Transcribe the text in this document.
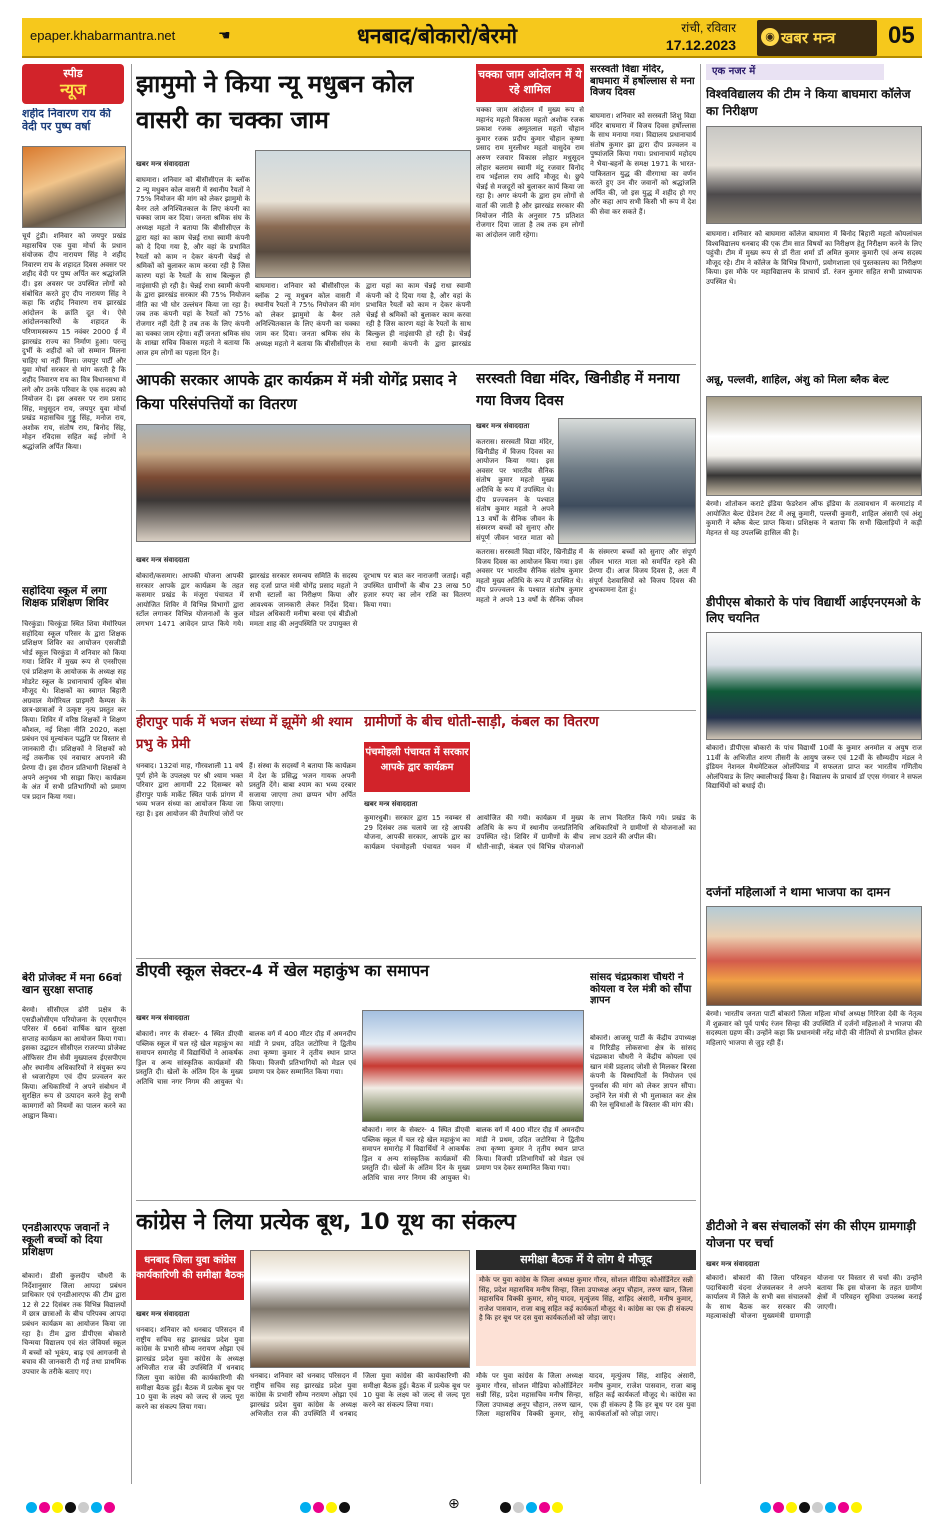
epaper.khabarmantra.net	☚	धनबाद/बोकारो/बेरमो	रांची, रविवार
17.12.2023
◉ खबर मन्त्र	05
स्पीड
न्यूज
शहीद निवारण राय की वेदी पर पुष्प वर्षा
चूर्य टुंडी। शनिवार को जयपुर प्रखंड महासचिव एक युवा मोर्चा के प्रधान संयोजक दीप नारायण सिंह ने शहीद निवारण राय के शहादत दिवस अवसर पर शहीद वेदी पर पुष्प अर्पित कर श्रद्धांजलि दी। इस अवसर पर उपस्थित लोगों को संबोधित करते हुए दीप नारायण सिंह ने कहा कि शहीद निवारण राय झारखंड आंदोलन के क्रांति दूत थे। ऐसे आंदोलनकारियों के शहादत के परिणामस्वरूप 15 नवंबर 2000 ई में झारखंड राज्य का निर्माण हुआ। परन्तु दुर्भी के शहीदों को जो सम्मान मिलना चाहिए था नहीं मिला। जयपुर पार्टी और युवा मोर्चा सरकार से मांग करती है कि शहीद निवारण राय का वित्र विधानसभा में लगे और उनके परिवार के एक सदस्य को नियोजन दें। इस अवसर पर राम प्रसाद सिंह, मधुसूदन राय, जयपुर युवा मोर्चा प्रखंड महासचिव गुड्डू सिंह, मनोज राय, अशोक राय, संतोष राय, बिनोद सिंह, मोहन रविदास सहित कई लोगों ने श्रद्धांजलि अर्पित किया।
सहोदिया स्कूल में लगा शिक्षक प्रशिक्षण शिविर
चिरकुंडा। चिरकुंडा स्थित शिवा मेमोरियल सहोदिया स्कूल परिसर के द्वारा शिक्षक प्रशिक्षण शिविर का आयोजन एसजीडी भोर्ड स्कूल चिरकुंडा में शनिवार को किया गया। शिविर में मुख्य रूप से एनसीएस एवं प्रशिक्षण के आयोजक के अध्यक्ष सह मोडरेट स्कूल के प्रधानाचार्य जुबिन बोस मौजूद थे। शिक्षकों का स्वागत बिहारी अग्रवाल मेमोरियल प्राइमरी कैम्पस के छात्र-छात्राओं ने उत्कृष्ट नृत्य प्रस्तुत कर किया। शिविर में वरिष्ठ शिक्षकों ने शिक्षण कौशल, नई शिक्षा नीति 2020, कक्षा प्रबंधन एवं मूल्यांकन पद्धति पर विस्तार से जानकारी दी। प्रशिक्षकों ने शिक्षकों को नई तकनीक एवं नवाचार अपनाने की प्रेरणा दी। इस दौरान प्रतिभागी शिक्षकों ने अपने अनुभव भी साझा किए। कार्यक्रम के अंत में सभी प्रतिभागियों को प्रमाण पत्र प्रदान किया गया।
बेरी प्रोजेक्ट में मना 66वां खान सुरक्षा सप्ताह
बेरमो। सीसीएल ढोरी प्रक्षेत्र के एसडीओसीएम परियोजना के एएसपीएन परिसर में 66वां वार्षिक खान सुरक्षा सप्ताह कार्यक्रम का आयोजन किया गया। इसका उद्घाटन सीसीएल राजरप्पा प्रोजेक्ट ऑफिसर टीम सेवी मुख्यालय ईएसपीएम और स्थानीय अधिकारियों ने संयुक्त रूप से ध्वजारोहण एवं दीप प्रज्वलन कर किया। अधिकारियों ने अपने संबोधन में सुरक्षित रूप से उत्पादन करने हेतु सभी कामगारों को नियमों का पालन करने का आह्वान किया।
एनडीआरएफ जवानों ने स्कूली बच्चों को दिया प्रशिक्षण
बोकारो। डीसी कुलदीप चौधरी के निर्देशानुसार जिला आपदा प्रबंधन प्राधिकार एवं एनडीआरएफ की टीम द्वारा 12 से 22 दिसंबर तक विभिन्न विद्यालयों में छात्र छात्राओं के बीच परिपक्व आपदा प्रबंधन कार्यक्रम का आयोजन किया जा रहा है। टीम द्वारा डीपीएस बोकारो चिन्मया विद्यालय एवं संत जेवियर्स स्कूल में बच्चों को भूकंप, बाढ़ एवं आगजनी से बचाव की जानकारी दी गई तथा प्राथमिक उपचार के तरीके बताए गए।
झामुमो ने किया न्यू मधुबन कोल वासरी का चक्का जाम
खबर मन्त्र संवाददाता
बाघमारा। शनिवार को बीसीसीएल के ब्लॉक 2 न्यू मधुबन कोल वासरी में स्थानीय रैयतों ने 75% नियोजन की मांग को लेकर झामुमो के बैनर तले अनिश्चितकाल के लिए कंपनी का चक्का जाम कर दिया। जनता श्रमिक संघ के अध्यक्ष महतो ने बताया कि बीसीसीएल के द्वारा यहां का काम चेन्नई राधा स्वामी कंपनी को दे दिया गया है, और वहां के प्रभावित रैयतों को काम न देकर कंपनी चेन्नई से श्रमिकों को बुलाकर काम करवा रही है जिस कारण यहां के रैयतों के साथ बिल्कुल ही नाइंसाफी हो रही है। चेन्नई राधा स्वामी कंपनी के द्वारा झारखंड सरकार की 75% नियोजन नीति का भी घोर उल्लंघन किया जा रहा है। जब तक कंपनी यहां के रैयतों को 75% रोजगार नहीं देती है तब तक के लिए कंपनी का चक्का जाम रहेगा। वहीं जनता श्रमिक संघ के शाखा सचिव विकास महतो ने बताया कि आज हम लोगों का पहला दिन है।
बाघमारा। शनिवार को बीसीसीएल के ब्लॉक 2 न्यू मधुबन कोल वासरी में स्थानीय रैयतों ने 75% नियोजन की मांग को लेकर झामुमो के बैनर तले अनिश्चितकाल के लिए कंपनी का चक्का जाम कर दिया। जनता श्रमिक संघ के अध्यक्ष महतो ने बताया कि बीसीसीएल के द्वारा यहां का काम चेन्नई राधा स्वामी कंपनी को दे दिया गया है, और वहां के प्रभावित रैयतों को काम न देकर कंपनी चेन्नई से श्रमिकों को बुलाकर काम करवा रही है जिस कारण यहां के रैयतों के साथ बिल्कुल ही नाइंसाफी हो रही है। चेन्नई राधा स्वामी कंपनी के द्वारा झारखंड
चक्का जाम आंदोलन में ये रहे शामिल
चक्का जाम आंदोलन में मुख्य रूप से महानंद महतो विकास महतो अशोक रजक प्रकाश रजक अमूतलाल महतो चौहान कुमार रजक प्रदीप कुमार चौहान कृष्णा प्रसाद राम मुरलीधर महतो वासुदेव राम अरुण रजवार विकास लोहार मधुसूदन लोहार बलराम स्वामी मंटू रजवार विनोद राय भईलाल राय आदि मौजूद थे। छुपे चेन्नई से मजदूरों को बुलाकर कार्य किया जा रहा है। अगर कंपनी के द्वारा हम लोगों से वार्ता की जाती है और झारखंड सरकार की नियोजन नीति के अनुसार 75 प्रतिशत रोजगार दिया जाता है तब तक हम लोगों का आंदोलन जारी रहेगा।
सरस्वती विद्या मंदिर, बाघमारा में हर्षोल्लास से मना विजय दिवस
बाघमारा। शनिवार को सरस्वती शिशु विद्या मंदिर बाघमारा में विजय दिवस हर्षोल्लास के साथ मनाया गया। विद्यालय प्रधानाचार्य संतोष कुमार झा द्वारा दीप प्रज्वलन व पुष्पांजलि किया गया। प्रधानाचार्य महोदय ने भैया-बहनों के समक्ष 1971 के भारत-पाकिस्तान युद्ध की वीरगाथा का वर्णन करते हुए उन वीर जवानों को श्रद्धांजलि अर्पित की, जो इस युद्ध में शहीद हो गए और कहा आप सभी किसी भी रूप में देश की सेवा कर सकते हैं।
आपकी सरकार आपके द्वार कार्यक्रम में मंत्री योगेंद्र प्रसाद ने किया परिसंपत्तियों का वितरण
खबर मन्त्र संवाददाता
बोकारो/कसमार। आपकी योजना आपकी सरकार आपके द्वार कार्यक्रम के तहत कसमार प्रखंड के मंजूरा पंचायत में आयोजित शिविर में विभिन्न विभागों द्वारा स्टॉल लगाकर विभिन्न योजनाओं के कुल लगभग 1471 आवेदन प्राप्त किये गये। झारखंड सरकार समन्वय समिति के सदस्य सह दर्जा प्राप्त मंत्री योगेंद्र प्रसाद महतो ने सभी स्टालों का निरीक्षण किया और आवश्यक जानकारी लेकर निर्देश दिया। मोडल अधिकारी मनीषा बरवा एवं बीडीओ ममता शाह की अनुपस्थिति पर उपायुक्त से दूरभाष पर बात कर नाराजगी जताई। वहीं उपस्थित ग्रामीणों के बीच 23 लाख 50 हजार रुपए का लोन राशि का वितरण किया गया।
सरस्वती विद्या मंदिर, खिनीडीह में मनाया गया विजय दिवस
खबर मन्त्र संवाददाता
कतरास। सरस्वती विद्या मंदिर, खिनीडीह में विजय दिवस का आयोजन किया गया। इस अवसर पर भारतीय सैनिक संतोष कुमार महतो मुख्य अतिथि के रूप में उपस्थित थे। दीप प्रज्ज्वलन के पश्चात संतोष कुमार महतो ने अपने 13 वर्षों के सैनिक जीवन के संस्मरण बच्चों को सुनाए और संपूर्ण जीवन भारत माता को
कतरास। सरस्वती विद्या मंदिर, खिनीडीह में विजय दिवस का आयोजन किया गया। इस अवसर पर भारतीय सैनिक संतोष कुमार महतो मुख्य अतिथि के रूप में उपस्थित थे। दीप प्रज्ज्वलन के पश्चात संतोष कुमार महतो ने अपने 13 वर्षों के सैनिक जीवन के संस्मरण बच्चों को सुनाए और संपूर्ण जीवन भारत माता को समर्पित रहने की प्रेरणा दी। आज विजय दिवस है, अतः मैं संपूर्ण देशवासियों को विजय दिवस की शुभकामना देता हूं।
हीरापुर पार्क में भजन संध्या में झूमेंगे श्री श्याम प्रभु के प्रेमी
धनबाद। 132वां माह, गौरवशाली 11 वर्ष पूर्ण होने के उपलक्ष्य पर श्री श्याम भक्त परिवार द्वारा आगामी 22 दिसम्बर को हीरापुर पार्क मार्केट स्थित पार्क प्रांगण में भव्य भजन संध्या का आयोजन किया जा रहा है। इस आयोजन की तैयारियां जोरों पर हैं। संस्था के सदस्यों ने बताया कि कार्यक्रम में देश के प्रसिद्ध भजन गायक अपनी प्रस्तुति देंगे। बाबा श्याम का भव्य दरबार सजाया जाएगा तथा छप्पन भोग अर्पित किया जाएगा।
ग्रामीणों के बीच धोती-साड़ी, कंबल का वितरण
पंचमोहली पंचायत में सरकार आपके द्वार कार्यक्रम
खबर मन्त्र संवाददाता
कुमारधुबी। सरकार द्वारा 15 नवम्बर से 29 दिसंबर तक चलाये जा रहे आपकी योजना, आपकी सरकार, आपके द्वार का कार्यक्रम पंचमोहली पंचायत भवन में आयोजित की गयी। कार्यक्रम में मुख्य अतिथि के रूप में स्थानीय जनप्रतिनिधि उपस्थित रहे। शिविर में ग्रामीणों के बीच धोती-साड़ी, कंबल एवं विभिन्न योजनाओं के लाभ वितरित किये गये। प्रखंड के अधिकारियों ने ग्रामीणों से योजनाओं का लाभ उठाने की अपील की।
डीएवी स्कूल सेक्टर-4 में खेल महाकुंभ का समापन
खबर मन्त्र संवाददाता
बोकारो। नगर के सेक्टर- 4 स्थित डीएवी पब्लिक स्कूल में चल रहे खेल महाकुंभ का समापन समारोह में विद्यार्थियों ने आकर्षक ड्रिल व अन्य सांस्कृतिक कार्यक्रमों की प्रस्तुति दी। खेलों के अंतिम दिन के मुख्य अतिथि चास नगर निगम की आयुक्त थे। बालक वर्ग में 400 मीटर दौड़ में अमनदीप मांडी ने प्रथम, उदित जटोरिया ने द्वितीय तथा कृष्णा कुमार ने तृतीय स्थान प्राप्त किया। विजयी प्रतिभागियों को मेडल एवं प्रमाण पत्र देकर सम्मानित किया गया।
बोकारो। नगर के सेक्टर- 4 स्थित डीएवी पब्लिक स्कूल में चल रहे खेल महाकुंभ का समापन समारोह में विद्यार्थियों ने आकर्षक ड्रिल व अन्य सांस्कृतिक कार्यक्रमों की प्रस्तुति दी। खेलों के अंतिम दिन के मुख्य अतिथि चास नगर निगम की आयुक्त थे। बालक वर्ग में 400 मीटर दौड़ में अमनदीप मांडी ने प्रथम, उदित जटोरिया ने द्वितीय तथा कृष्णा कुमार ने तृतीय स्थान प्राप्त किया। विजयी प्रतिभागियों को मेडल एवं प्रमाण पत्र देकर सम्मानित किया गया।
सांसद चंद्रप्रकाश चौधरी ने कोयला व रेल मंत्री को सौंपा ज्ञापन
बोकारो। आजसू पार्टी के केंद्रीय उपाध्यक्ष व गिरिडीह लोकसभा क्षेत्र के सांसद चंद्रप्रकाश चौधरी ने केंद्रीय कोयला एवं खान मंत्री प्रहलाद जोशी से मिलकर बिरसा कंपनी के विस्थापितों के नियोजन एवं पुनर्वास की मांग को लेकर ज्ञापन सौंपा। उन्होंने रेल मंत्री से भी मुलाकात कर क्षेत्र की रेल सुविधाओं के विस्तार की मांग की।
कांग्रेस ने लिया प्रत्येक बूथ, 10 यूथ का संकल्प
धनबाद जिला युवा कांग्रेस कार्यकारिणी की समीक्षा बैठक
खबर मन्त्र संवाददाता
धनबाद। शनिवार को धनबाद परिसदन में राष्ट्रीय सचिव सह झारखंड प्रदेश युवा कांग्रेस के प्रभारी सौम्य नरायण ओझा एवं झारखंड प्रदेश युवा कांग्रेस के अध्यक्ष अभिजीत राज की उपस्थिति में धनबाद जिला युवा कांग्रेस की कार्यकारिणी की समीक्षा बैठक हुई। बैठक में प्रत्येक बूथ पर 10 युवा के लक्ष्य को जल्द से जल्द पूरा करने का संकल्प लिया गया।
धनबाद। शनिवार को धनबाद परिसदन में राष्ट्रीय सचिव सह झारखंड प्रदेश युवा कांग्रेस के प्रभारी सौम्य नरायण ओझा एवं झारखंड प्रदेश युवा कांग्रेस के अध्यक्ष अभिजीत राज की उपस्थिति में धनबाद जिला युवा कांग्रेस की कार्यकारिणी की समीक्षा बैठक हुई। बैठक में प्रत्येक बूथ पर 10 युवा के लक्ष्य को जल्द से जल्द पूरा करने का संकल्प लिया गया।
समीक्षा बैठक में ये लोग थे मौजूद
मौके पर युवा कांग्रेस के जिला अध्यक्ष कुमार गौरव, सोशल मीडिया कोऑर्डिनेटर सन्नी सिंह, प्रदेश महासचिव मनीष सिन्हा, जिला उपाध्यक्ष अनूप चौहान, तरुण खान, जिला महासचिव विक्की कुमार, सोनू यादव, मृत्युंजय सिंह, शाहिद अंसारी, मनीष कुमार, राजेश पासवान, राजा बाबू सहित कई कार्यकर्ता मौजूद थे। कांग्रेस का एक ही संकल्प है कि हर बूथ पर दस युवा कार्यकर्ताओं को जोड़ा जाए।
मौके पर युवा कांग्रेस के जिला अध्यक्ष कुमार गौरव, सोशल मीडिया कोऑर्डिनेटर सन्नी सिंह, प्रदेश महासचिव मनीष सिन्हा, जिला उपाध्यक्ष अनूप चौहान, तरुण खान, जिला महासचिव विक्की कुमार, सोनू यादव, मृत्युंजय सिंह, शाहिद अंसारी, मनीष कुमार, राजेश पासवान, राजा बाबू सहित कई कार्यकर्ता मौजूद थे। कांग्रेस का एक ही संकल्प है कि हर बूथ पर दस युवा कार्यकर्ताओं को जोड़ा जाए।
एक नजर में
विश्वविद्यालय की टीम ने किया बाघमारा कॉलेज का निरीक्षण
बाघमारा। शनिवार को बाघमारा कॉलेज बाघमारा में बिनोद बिहारी महतो कोयलांचल विश्वविद्यालय धनबाद की एक टीम सात विषयों का निरीक्षण हेतु निरीक्षण करने के लिए पहुंची। टीम में मुख्य रूप से डॉ रीता शर्मा डॉ अमित कुमार कुमारी एवं अन्य सदस्य मौजूद रहे। टीम ने कॉलेज के विभिन्न विभागों, प्रयोगशाला एवं पुस्तकालय का निरीक्षण किया। इस मौके पर महाविद्यालय के प्राचार्य डॉ. रंजन कुमार सहित सभी प्राध्यापक उपस्थित थे।
अन्नू, पल्लवी, शाहिल, अंशु को मिला ब्लैक बेल्ट
बेरमो। शोतोकन कराटे इंडिया फेडरेशन ऑफ इंडिया के तत्वावधान में करमाटांड़ में आयोजित बेल्ट ग्रेडेशन टेस्ट में अन्नू कुमारी, पल्लवी कुमारी, शाहिल अंसारी एवं अंशु कुमारी ने ब्लैक बेल्ट प्राप्त किया। प्रशिक्षक ने बताया कि सभी खिलाड़ियों ने कड़ी मेहनत से यह उपलब्धि हासिल की है।
डीपीएस बोकारो के पांच विद्यार्थी आईएनएमओ के लिए चयनित
बोकारो। डीपीएस बोकारो के पांच विद्यार्थी 10वीं के कुमार अनमोल व अयुष राज 11वीं के अभिजीत शरण तीसरी के आयुष जरूर एवं 12वीं के सौम्यदीप मंडल ने इंडियन नेशनल मैथमेटिकल ओलंपियाड में सफलता प्राप्त कर भारतीय गणितीय ओलंपियाड के लिए क्वालीफाई किया है। विद्यालय के प्राचार्य डॉ एएस गंगवार ने सफल विद्यार्थियों को बधाई दी।
दर्जनों महिलाओं ने थामा भाजपा का दामन
बेरमो। भारतीय जनता पार्टी बोकारो जिला महिला मोर्चा अध्यक्ष गिरिजा देवी के नेतृत्व में शुक्रवार को पूर्व पार्षद रंजन सिन्हा की उपस्थिति में दर्जनों महिलाओं ने भाजपा की सदस्यता ग्रहण की। उन्होंने कहा कि प्रधानमंत्री नरेंद्र मोदी की नीतियों से प्रभावित होकर महिलाएं भाजपा से जुड़ रही हैं।
डीटीओ ने बस संचालकों संग की सीएम ग्रामगाड़ी योजना पर चर्चा
खबर मन्त्र संवाददाता
बोकारो। बोकारो की जिला परिवहन पदाधिकारी वंदना शेजवलकर ने अपने कार्यालय में जिले के सभी बस संचालकों के साथ बैठक कर सरकार की महत्वाकांक्षी योजना मुख्यमंत्री ग्रामगाड़ी योजना पर विस्तार से चर्चा की। उन्होंने बताया कि इस योजना के तहत ग्रामीण क्षेत्रों में परिवहन सुविधा उपलब्ध कराई जाएगी।
⊕
